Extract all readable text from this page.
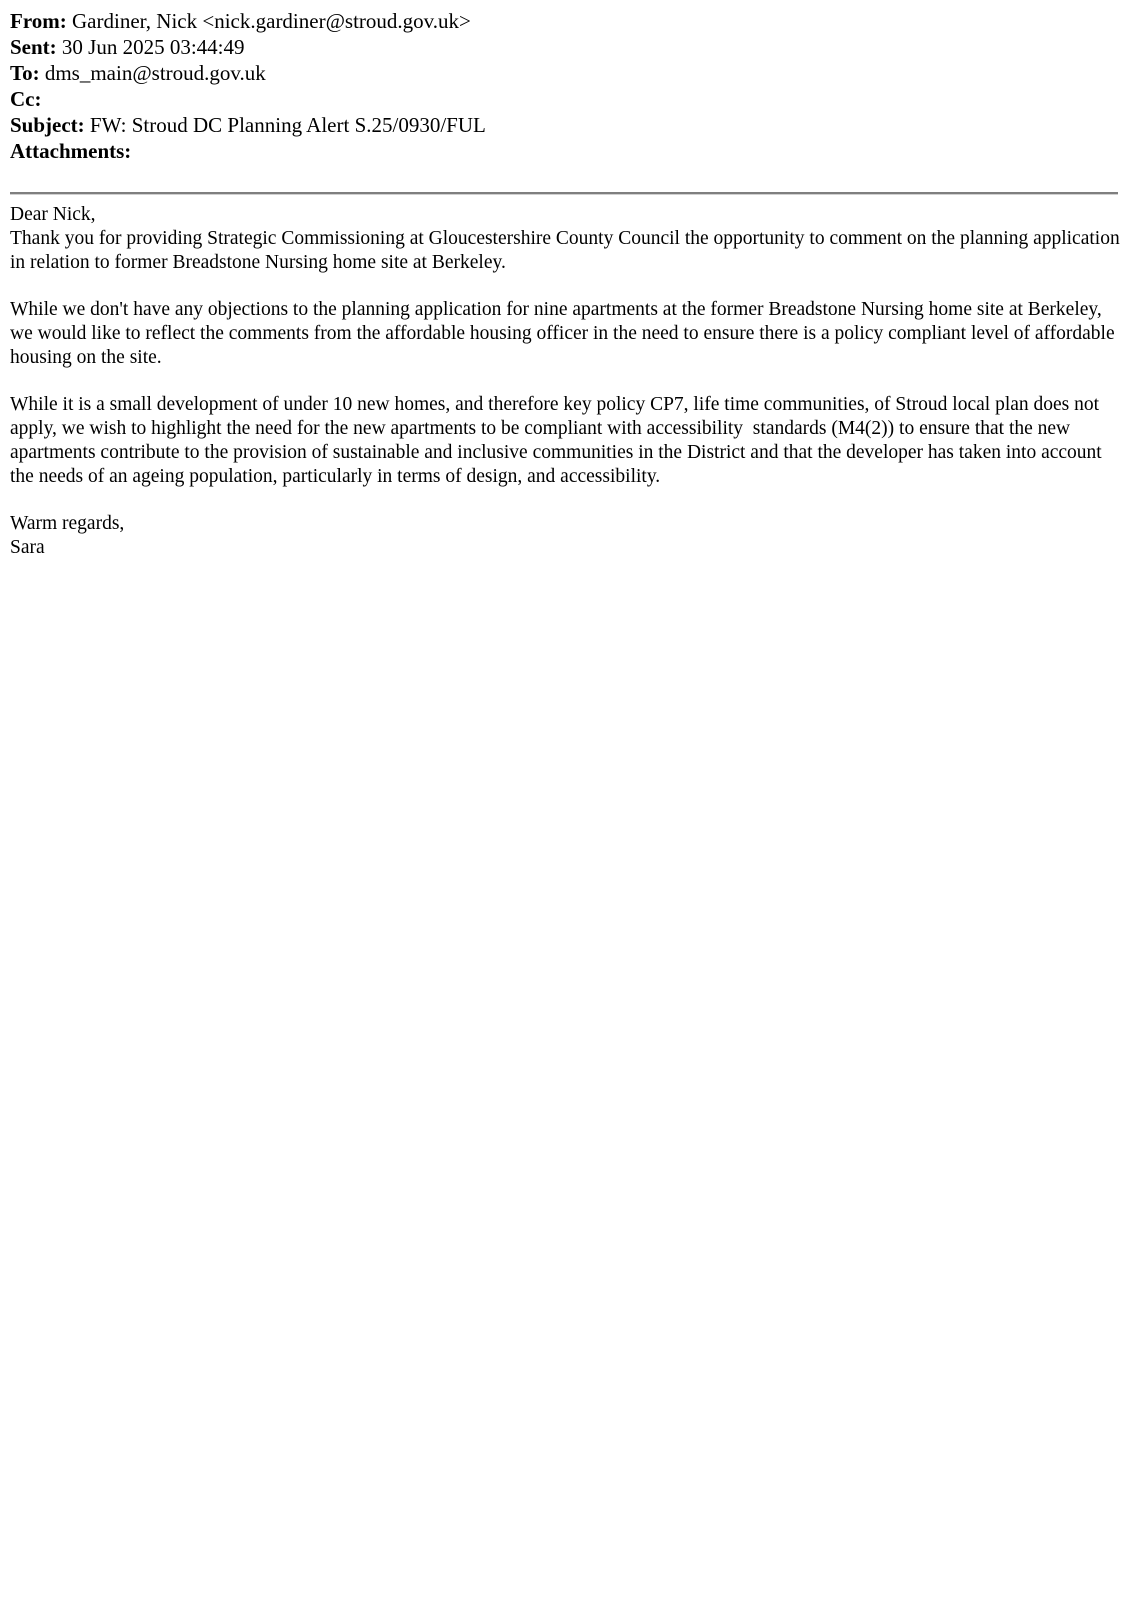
From: Gardiner, Nick <nick.gardiner@stroud.gov.uk>
Sent: 30 Jun 2025 03:44:49
To: dms_main@stroud.gov.uk
Cc:
Subject: FW: Stroud DC Planning Alert S.25/0930/FUL
Attachments:

Dear Nick,

Thank you for providing Strategic Commissioning at Gloucestershire County Council the opportunity to comment on the planning application in relation to former Breadstone Nursing home site at Berkeley.

While we don't have any objections to the planning application for nine apartments at the former Breadstone Nursing home site at Berkeley, we would like to reflect the comments from the affordable housing officer in the need to ensure there is a policy compliant level of affordable housing on the site.

While it is a small development of under 10 new homes, and therefore key policy CP7, life time communities, of Stroud local plan does not apply, we wish to highlight the need for the new apartments to be compliant with accessibility  standards (M4(2)) to ensure that the new apartments contribute to the provision of sustainable and inclusive communities in the District and that the developer has taken into account the needs of an ageing population, particularly in terms of design, and accessibility.

Warm regards,

Sara
